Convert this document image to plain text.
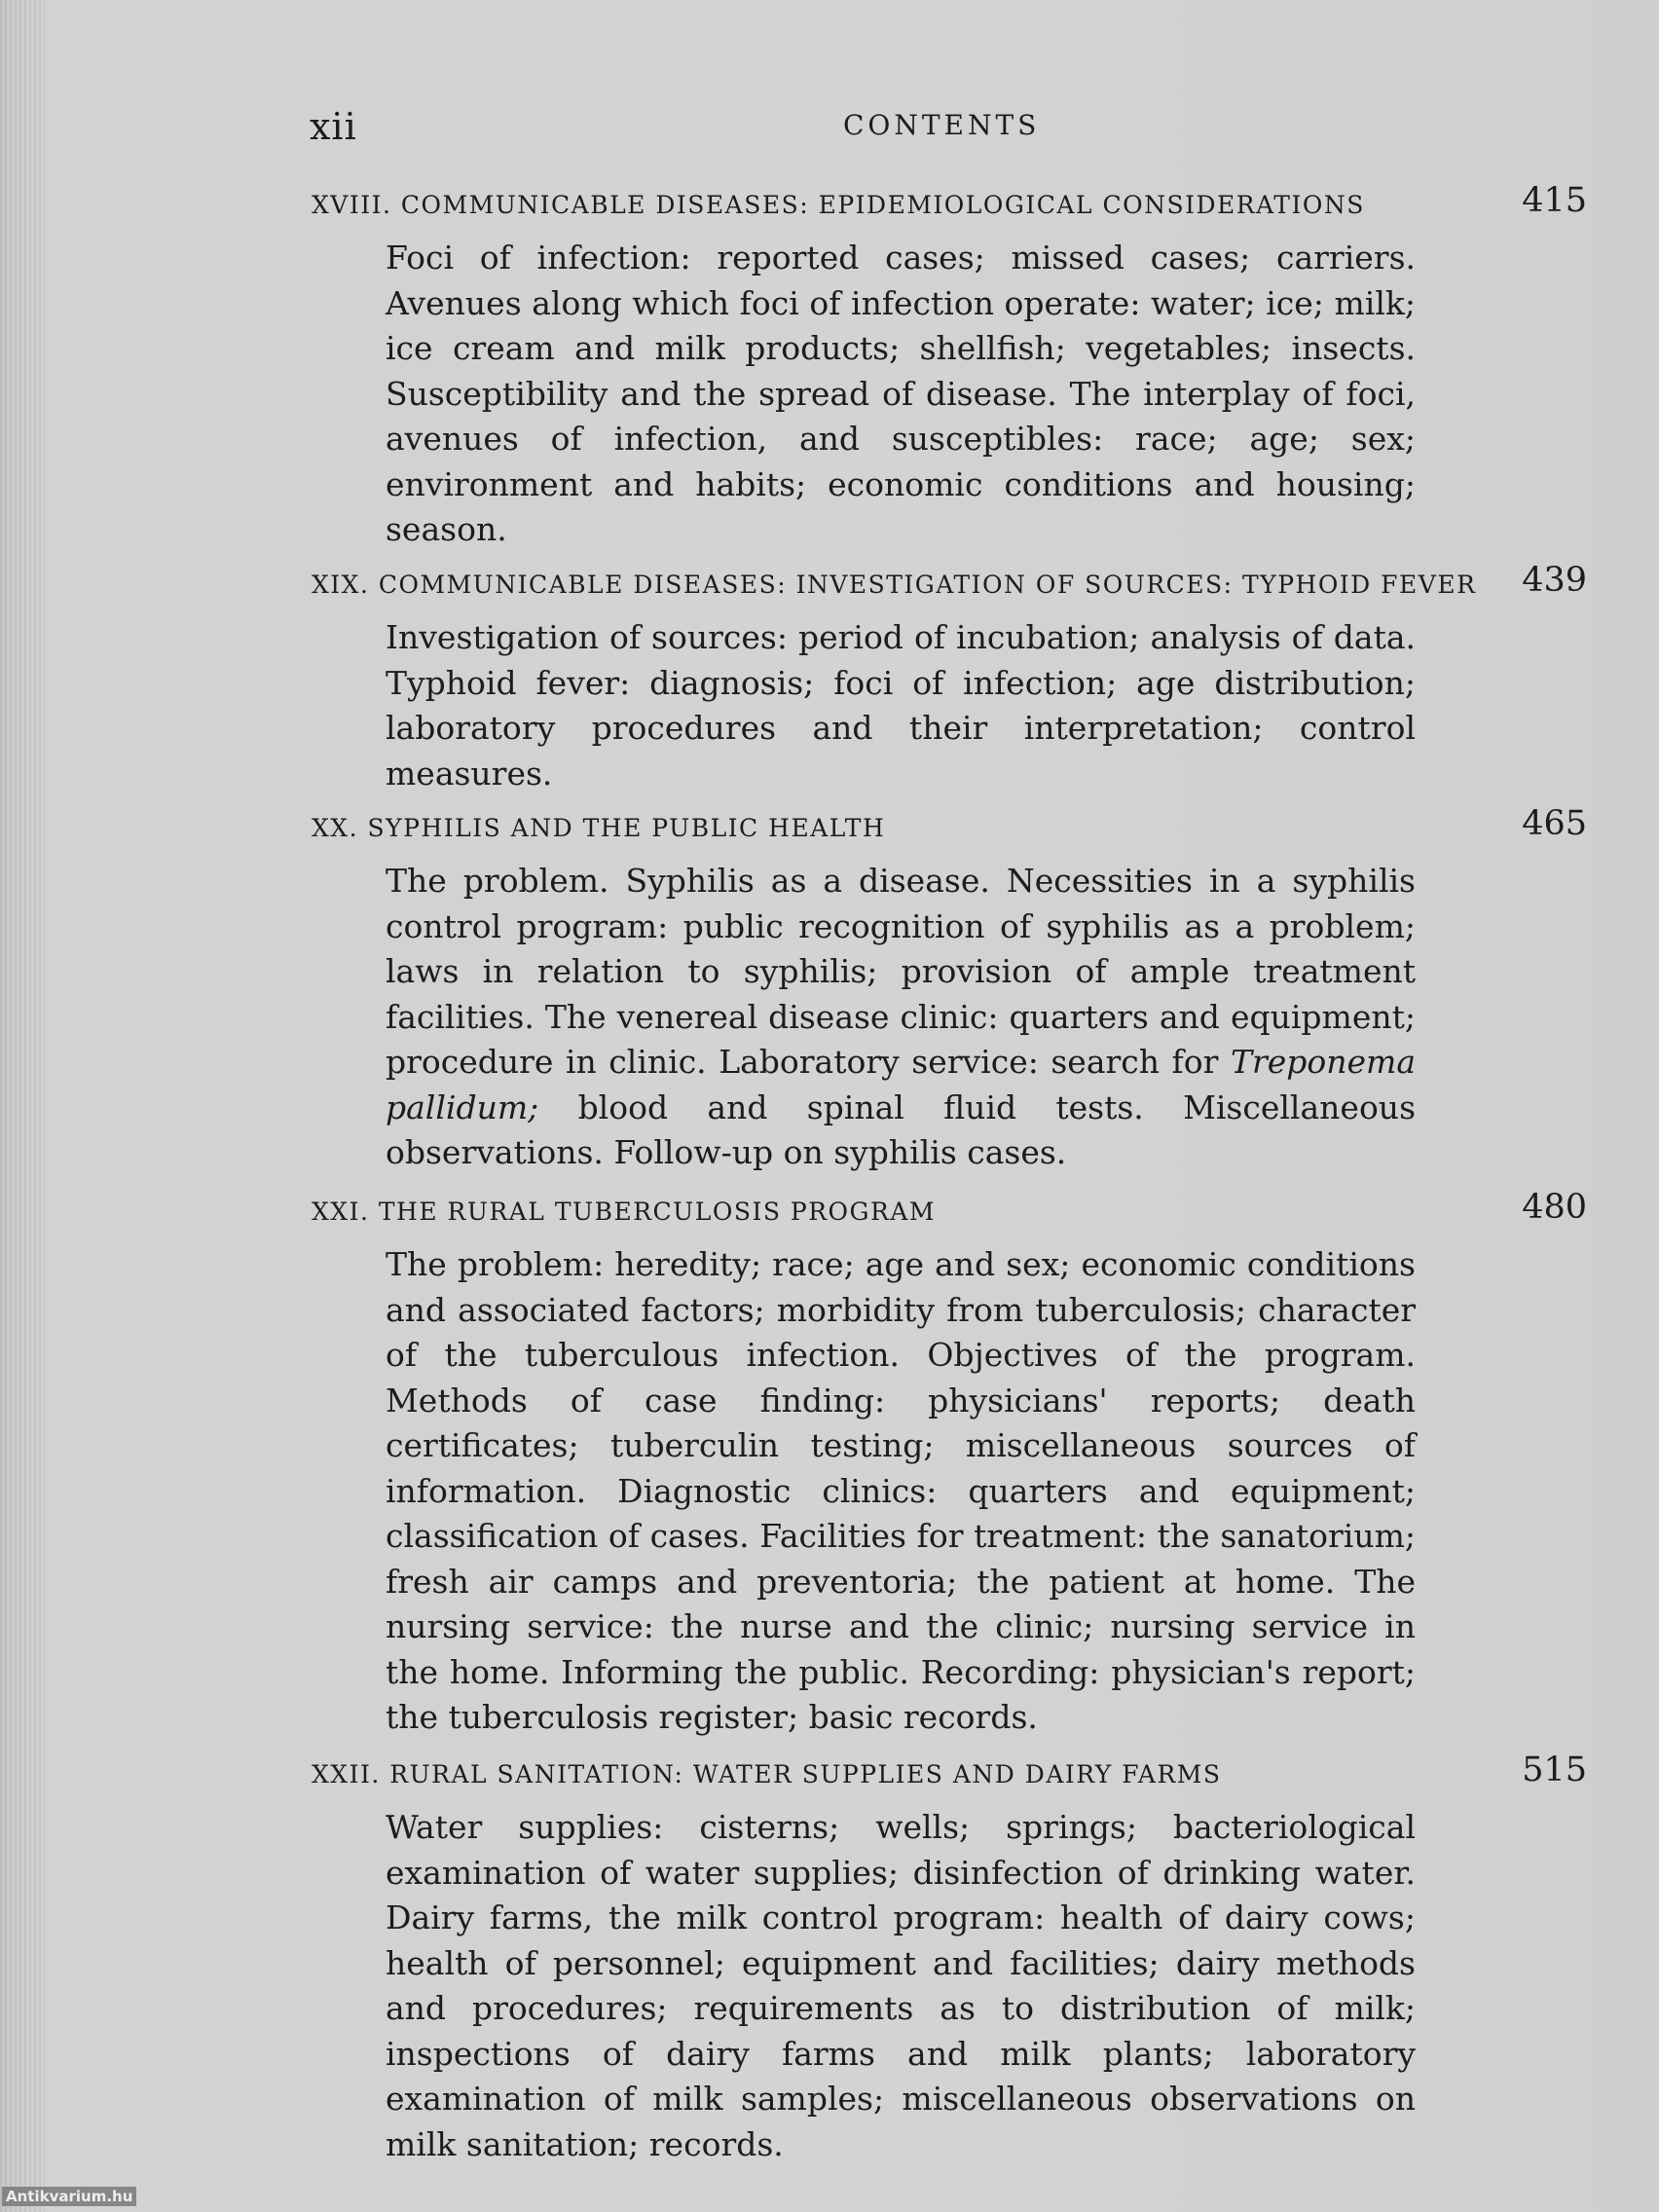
xii	CONTENTS
XVIII. COMMUNICABLE DISEASES: EPIDEMIOLOGICAL CONSIDERATIONS	415
Foci of infection: reported cases; missed cases; carriers. Avenues along which foci of infection operate: water; ice; milk; ice cream and milk products; shellfish; vegetables; insects. Susceptibility and the spread of disease. The interplay of foci, avenues of infection, and susceptibles: race; age; sex; environment and habits; economic conditions and housing; season.
XIX. COMMUNICABLE DISEASES: INVESTIGATION OF SOURCES: TYPHOID FEVER 439
Investigation of sources: period of incubation; analysis of data. Typhoid fever: diagnosis; foci of infection; age distribution; laboratory procedures and their interpretation; control measures.
XX. SYPHILIS AND THE PUBLIC HEALTH	465
The problem. Syphilis as a disease. Necessities in a syphilis control program: public recognition of syphilis as a problem; laws in relation to syphilis; provision of ample treatment facilities. The venereal disease clinic: quarters and equipment; procedure in clinic. Laboratory service: search for Treponema pallidum; blood and spinal fluid tests. Miscellaneous observations. Follow-up on syphilis cases.
XXI. THE RURAL TUBERCULOSIS PROGRAM	480
The problem: heredity; race; age and sex; economic conditions and associated factors; morbidity from tuberculosis; character of the tuberculous infection. Objectives of the program. Methods of case finding: physicians' reports; death certificates; tuberculin testing; miscellaneous sources of information. Diagnostic clinics: quarters and equipment; classification of cases. Facilities for treatment: the sanatorium; fresh air camps and preventoria; the patient at home. The nursing service: the nurse and the clinic; nursing service in the home. Informing the public. Recording: physician's report; the tuberculosis register; basic records.
XXII. RURAL SANITATION: WATER SUPPLIES AND DAIRY FARMS	515
Water supplies: cisterns; wells; springs; bacteriological examination of water supplies; disinfection of drinking water. Dairy farms, the milk control program: health of dairy cows; health of personnel; equipment and facilities; dairy methods and procedures; requirements as to distribution of milk; inspections of dairy farms and milk plants; laboratory examination of milk samples; miscellaneous observations on milk sanitation; records.
Antikvarium.hu
